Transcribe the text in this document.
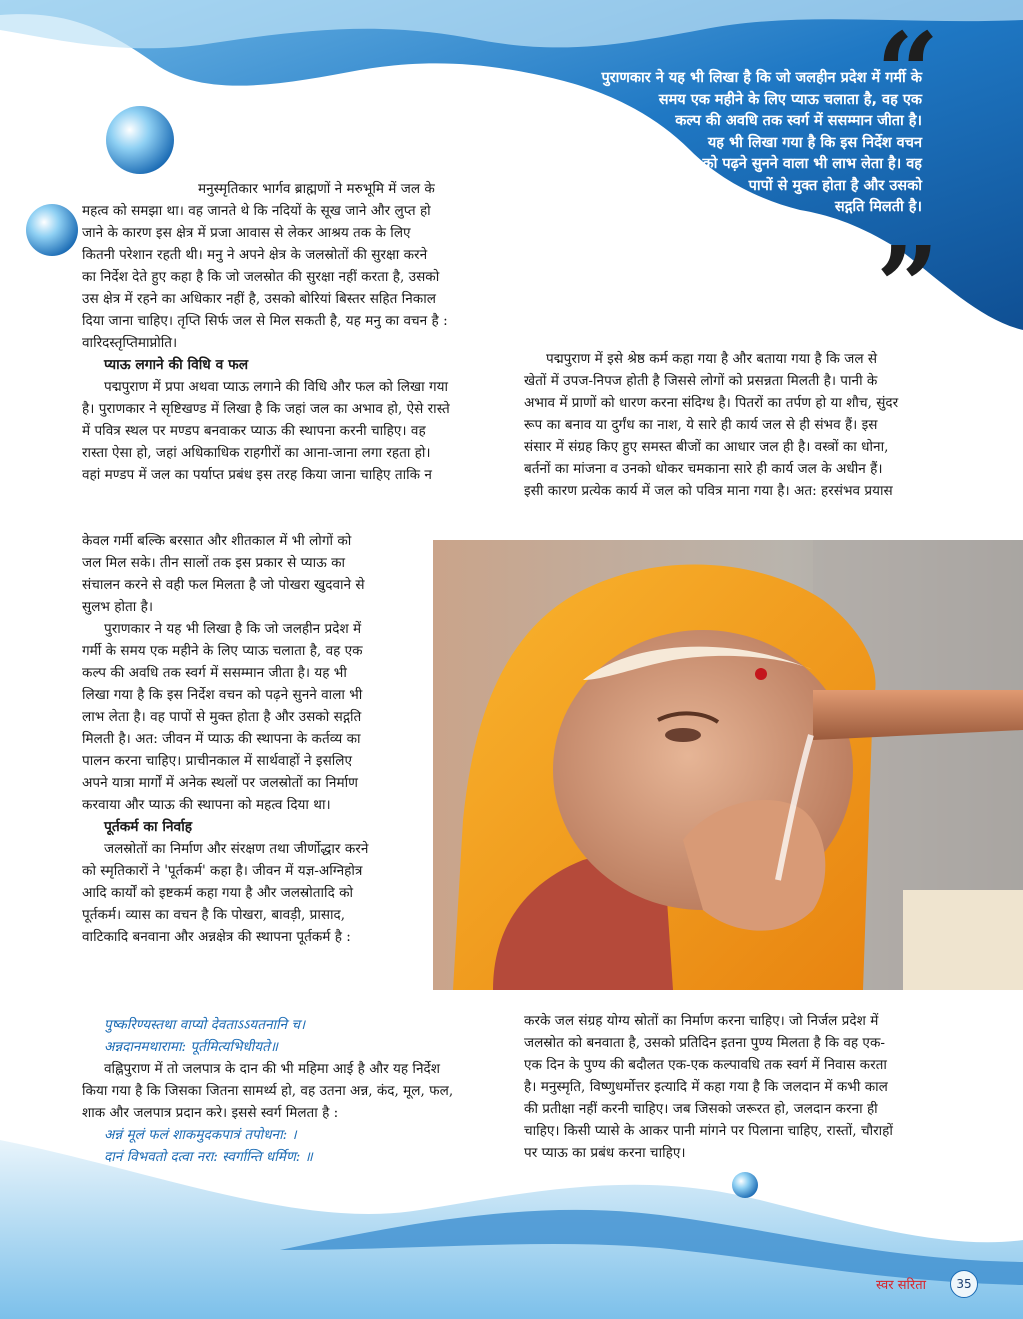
“
”
पुराणकार ने यह भी लिखा है कि जो जलहीन प्रदेश में गर्मी के
समय एक महीने के लिए प्याऊ चलाता है, वह एक
कल्प की अवधि तक स्वर्ग में ससम्मान जीता है।
यह भी लिखा गया है कि इस निर्देश वचन
को पढ़ने सुनने वाला भी लाभ लेता है। वह
पापों से मुक्त होता है और उसको
सद्गति मिलती है।
मनुस्मृतिकार भार्गव ब्राह्मणों ने मरुभूमि में जल के
महत्व को समझा था। वह जानते थे कि नदियों के सूख जाने और लुप्त हो
जाने के कारण इस क्षेत्र में प्रजा आवास से लेकर आश्रय तक के लिए
कितनी परेशान रहती थी। मनु ने अपने क्षेत्र के जलस्रोतों की सुरक्षा करने
का निर्देश देते हुए कहा है कि जो जलस्रोत की सुरक्षा नहीं करता है, उसको
उस क्षेत्र में रहने का अधिकार नहीं है, उसको बोरियां बिस्तर सहित निकाल
दिया जाना चाहिए। तृप्ति सिर्फ जल से मिल सकती है, यह मनु का वचन है :
वारिदस्तृप्तिमाप्नोति।
प्याऊ लगाने की विधि व फल
पद्मपुराण में प्रपा अथवा प्याऊ लगाने की विधि और फल को लिखा गया
है। पुराणकार ने सृष्टिखण्ड में लिखा है कि जहां जल का अभाव हो, ऐसे रास्ते
में पवित्र स्थल पर मण्डप बनवाकर प्याऊ की स्थापना करनी चाहिए। वह
रास्ता ऐसा हो, जहां अधिकाधिक राहगीरों का आना-जाना लगा रहता हो।
वहां मण्डप में जल का पर्याप्त प्रबंध इस तरह किया जाना चाहिए ताकि न
केवल गर्मी बल्कि बरसात और शीतकाल में भी लोगों को
जल मिल सके। तीन सालों तक इस प्रकार से प्याऊ का
संचालन करने से वही फल मिलता है जो पोखरा खुदवाने से
सुलभ होता है।
पुराणकार ने यह भी लिखा है कि जो जलहीन प्रदेश में
गर्मी के समय एक महीने के लिए प्याऊ चलाता है, वह एक
कल्प की अवधि तक स्वर्ग में ससम्मान जीता है। यह भी
लिखा गया है कि इस निर्देश वचन को पढ़ने सुनने वाला भी
लाभ लेता है। वह पापों से मुक्त होता है और उसको सद्गति
मिलती है। अत: जीवन में प्याऊ की स्थापना के कर्तव्य का
पालन करना चाहिए। प्राचीनकाल में सार्थवाहों ने इसलिए
अपने यात्रा मार्गों में अनेक स्थलों पर जलस्रोतों का निर्माण
करवाया और प्याऊ की स्थापना को महत्व दिया था।
पूर्तकर्म का निर्वाह
जलस्रोतों का निर्माण और संरक्षण तथा जीर्णोद्धार करने
को स्मृतिकारों ने 'पूर्तकर्म' कहा है। जीवन में यज्ञ-अग्निहोत्र
आदि कार्यों को इष्टकर्म कहा गया है और जलस्रोतादि को
पूर्तकर्म। व्यास का वचन है कि पोखरा, बावड़ी, प्रासाद,
वाटिकादि बनवाना और अन्नक्षेत्र की स्थापना पूर्तकर्म है :
पुष्करिण्यस्तथा वाप्यो देवताऽऽयतनानि च।
अन्नदानमथारामा: पूर्तमित्यभिधीयते॥
वह्निपुराण में तो जलपात्र के दान की भी महिमा आई है और यह निर्देश
किया गया है कि जिसका जितना सामर्थ्य हो, वह उतना अन्न, कंद, मूल, फल,
शाक और जलपात्र प्रदान करे। इससे स्वर्ग मिलता है :
अन्नं मूलं फलं शाकमुदकपात्रं तपोधना: ।
दानं विभवतो दत्वा नरा: स्वर्गान्ति धर्मिण: ॥
पद्मपुराण में इसे श्रेष्ठ कर्म कहा गया है और बताया गया है कि जल से
खेतों में उपज-निपज होती है जिससे लोगों को प्रसन्नता मिलती है। पानी के
अभाव में प्राणों को धारण करना संदिग्ध है। पितरों का तर्पण हो या शौच, सुंदर
रूप का बनाव या दुर्गंध का नाश, ये सारे ही कार्य जल से ही संभव हैं। इस
संसार में संग्रह किए हुए समस्त बीजों का आधार जल ही है। वस्त्रों का धोना,
बर्तनों का मांजना व उनको धोकर चमकाना सारे ही कार्य जल के अधीन हैं।
इसी कारण प्रत्येक कार्य में जल को पवित्र माना गया है। अत: हरसंभव प्रयास
करके जल संग्रह योग्य स्रोतों का निर्माण करना चाहिए। जो निर्जल प्रदेश में
जलस्रोत को बनवाता है, उसको प्रतिदिन इतना पुण्य मिलता है कि वह एक-
एक दिन के पुण्य की बदौलत एक-एक कल्पावधि तक स्वर्ग में निवास करता
है। मनुस्मृति, विष्णुधर्मोत्तर इत्यादि में कहा गया है कि जलदान में कभी काल
की प्रतीक्षा नहीं करनी चाहिए। जब जिसको जरूरत हो, जलदान करना ही
चाहिए। किसी प्यासे के आकर पानी मांगने पर पिलाना चाहिए, रास्तों, चौराहों
पर प्याऊ का प्रबंध करना चाहिए।
स्वर सरिता	35
